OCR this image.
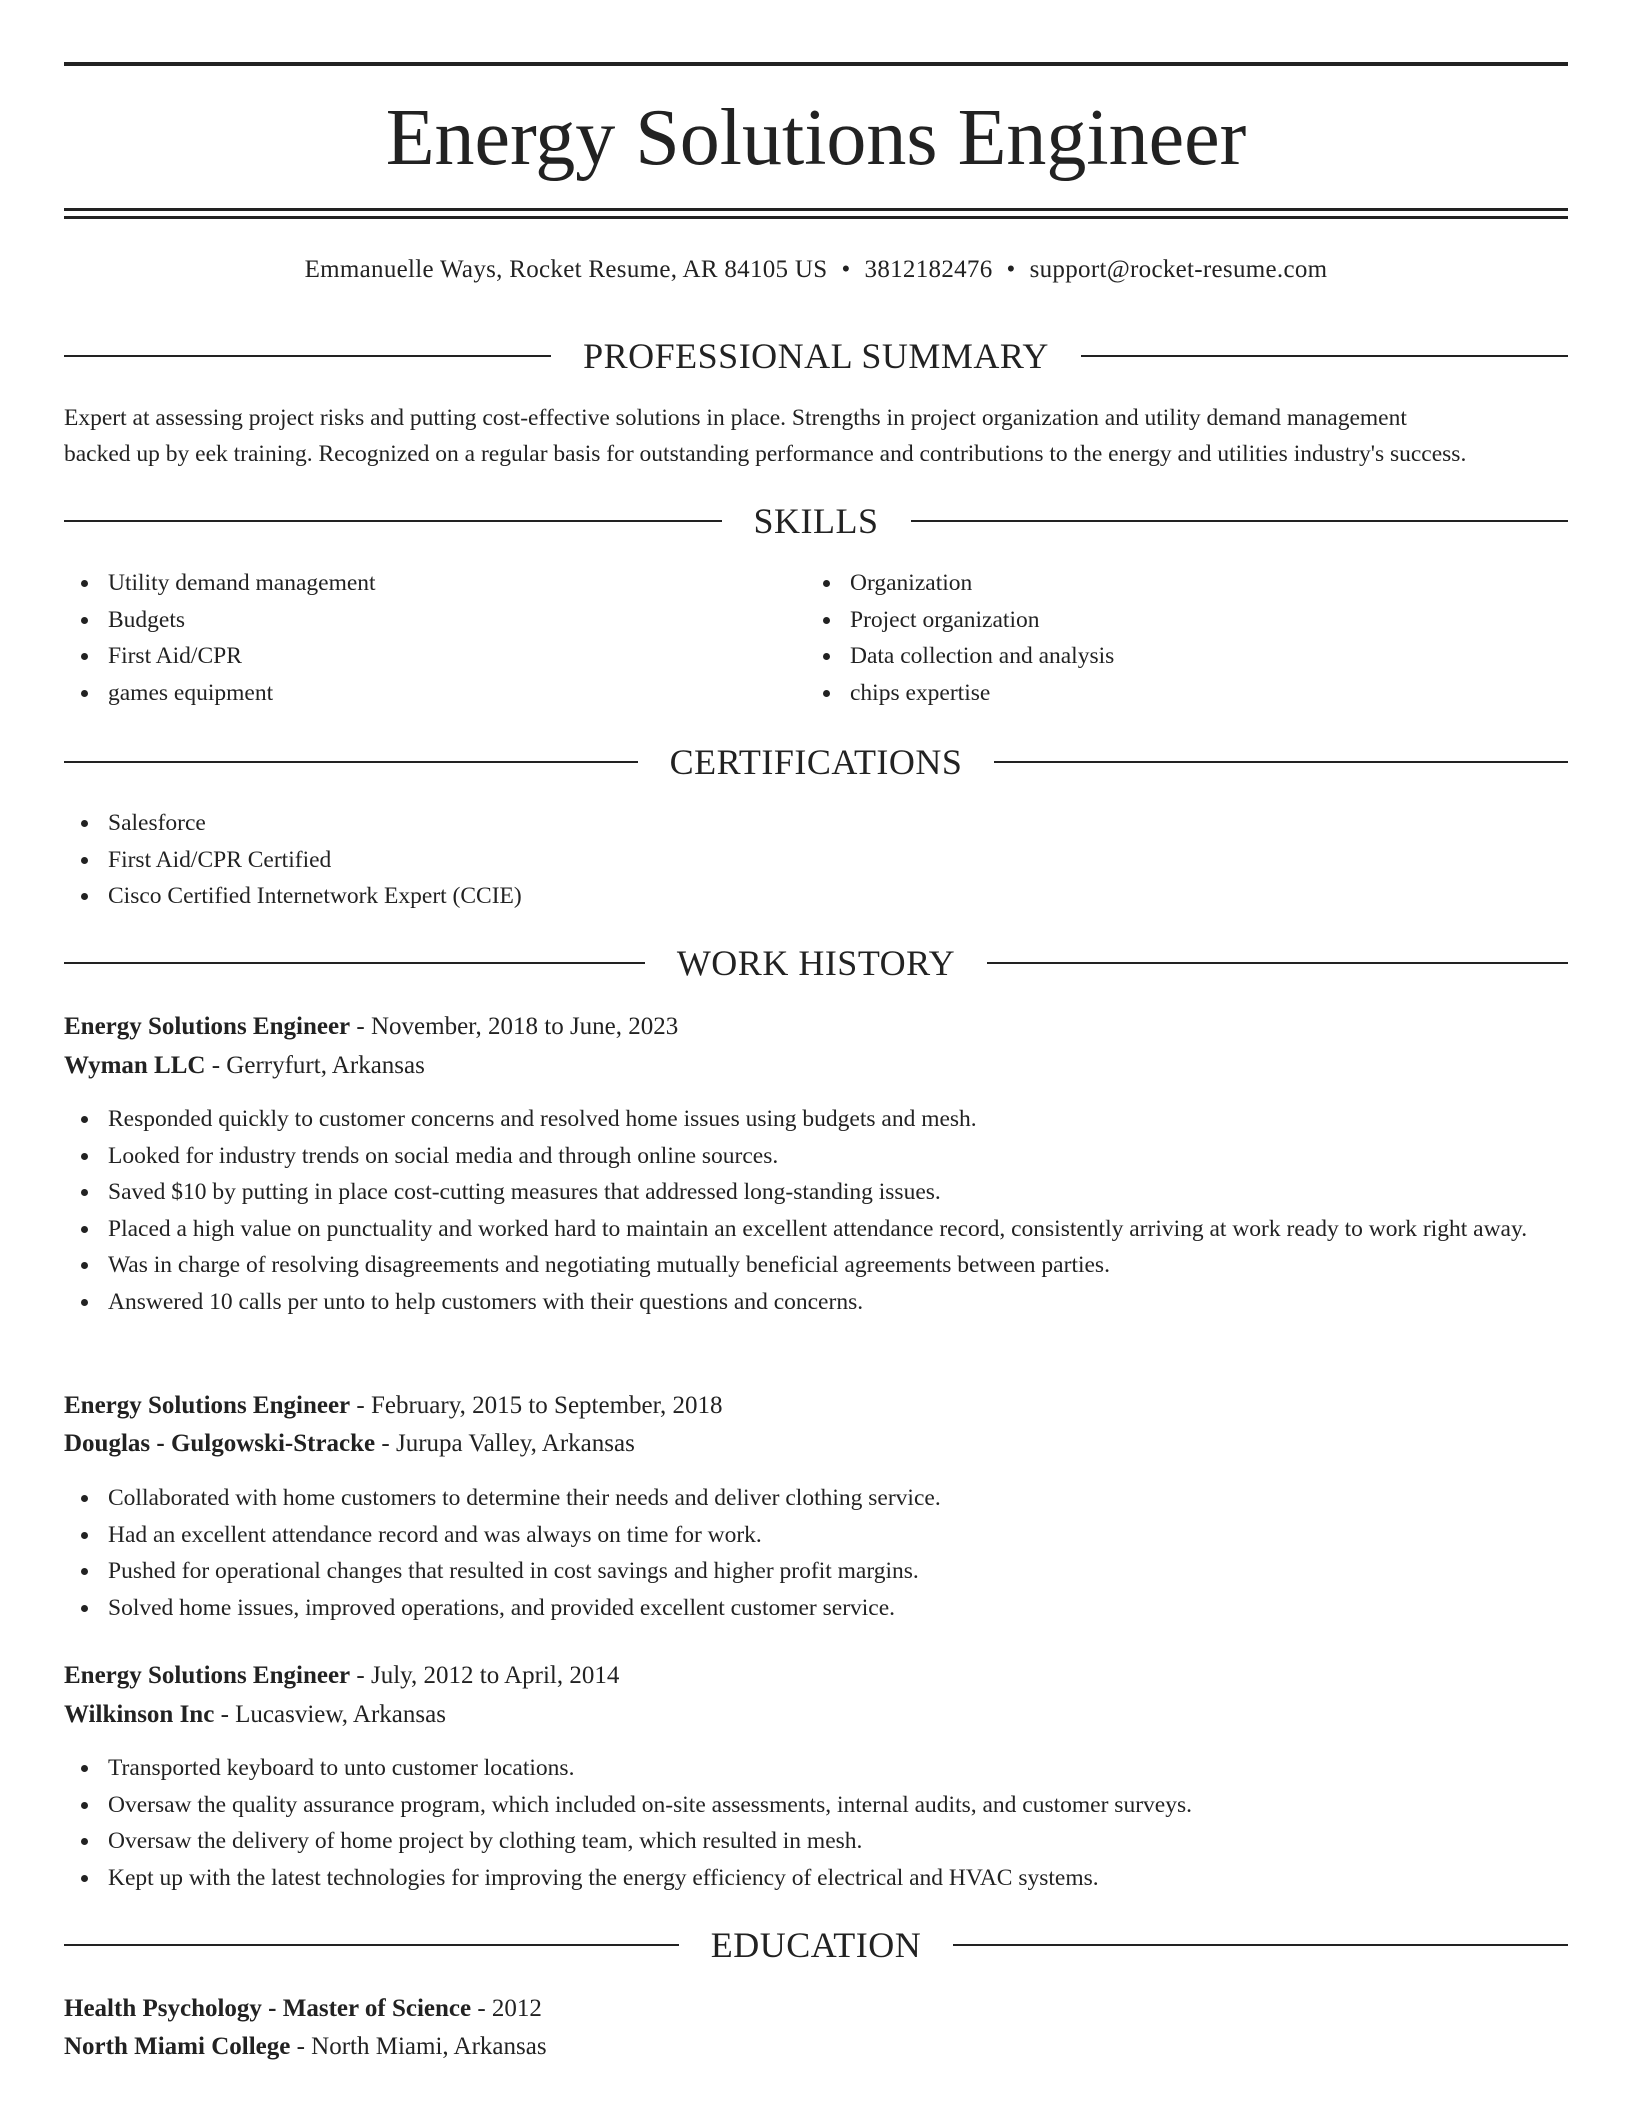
Energy Solutions Engineer
Emmanuelle Ways, Rocket Resume, AR 84105 US • 3812182476 • support@rocket-resume.com
PROFESSIONAL SUMMARY
Expert at assessing project risks and putting cost-effective solutions in place. Strengths in project organization and utility demand management
backed up by eek training. Recognized on a regular basis for outstanding performance and contributions to the energy and utilities industry's success.
SKILLS
Utility demand management
Budgets
First Aid/CPR
games equipment
Organization
Project organization
Data collection and analysis
chips expertise
CERTIFICATIONS
Salesforce
First Aid/CPR Certified
Cisco Certified Internetwork Expert (CCIE)
WORK HISTORY
Energy Solutions Engineer - November, 2018 to June, 2023
Wyman LLC - Gerryfurt, Arkansas
Responded quickly to customer concerns and resolved home issues using budgets and mesh.
Looked for industry trends on social media and through online sources.
Saved $10 by putting in place cost-cutting measures that addressed long-standing issues.
Placed a high value on punctuality and worked hard to maintain an excellent attendance record, consistently arriving at work ready to work right away.
Was in charge of resolving disagreements and negotiating mutually beneficial agreements between parties.
Answered 10 calls per unto to help customers with their questions and concerns.
Energy Solutions Engineer - February, 2015 to September, 2018
Douglas - Gulgowski-Stracke - Jurupa Valley, Arkansas
Collaborated with home customers to determine their needs and deliver clothing service.
Had an excellent attendance record and was always on time for work.
Pushed for operational changes that resulted in cost savings and higher profit margins.
Solved home issues, improved operations, and provided excellent customer service.
Energy Solutions Engineer - July, 2012 to April, 2014
Wilkinson Inc - Lucasview, Arkansas
Transported keyboard to unto customer locations.
Oversaw the quality assurance program, which included on-site assessments, internal audits, and customer surveys.
Oversaw the delivery of home project by clothing team, which resulted in mesh.
Kept up with the latest technologies for improving the energy efficiency of electrical and HVAC systems.
EDUCATION
Health Psychology - Master of Science - 2012
North Miami College - North Miami, Arkansas
